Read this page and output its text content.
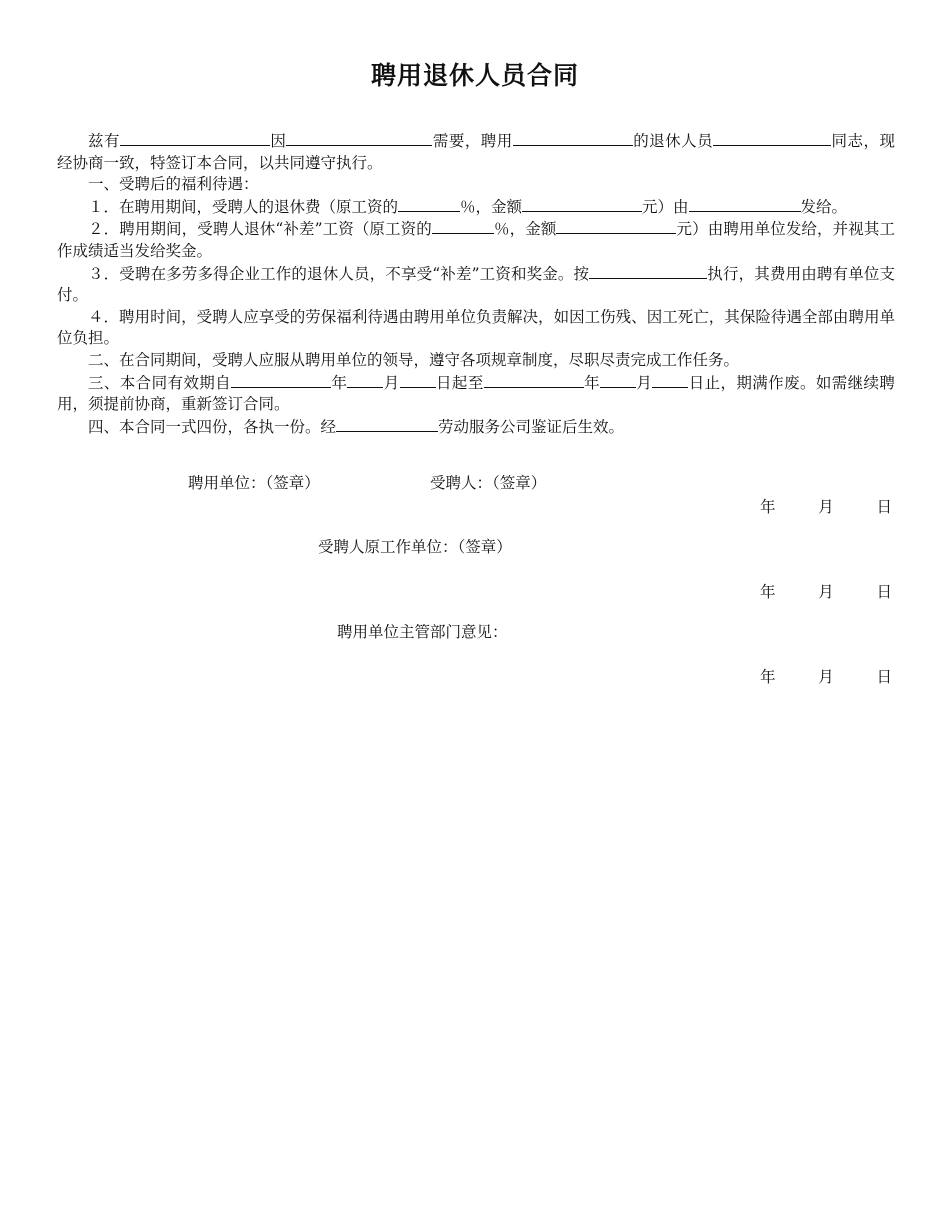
聘用退休人员合同

兹有	因	需要，聘用	的退休人员	同志，现经协商一致，特签订本合同，以共同遵守执行。

一、受聘后的福利待遇：

１．在聘用期间，受聘人的退休费（原工资的	％，金额	元）由	发给。

２．聘用期间，受聘人退休“补差”工资（原工资的	％，金额	元）由聘用单位发给，并视其工作成绩适当发给奖金。

３．受聘在多劳多得企业工作的退休人员，不享受“补差”工资和奖金。按	执行，其费用由聘有单位支付。

４．聘用时间，受聘人应享受的劳保福利待遇由聘用单位负责解决，如因工伤残、因工死亡，其保险待遇全部由聘用单位负担。

二、在合同期间，受聘人应服从聘用单位的领导，遵守各项规章制度，尽职尽责完成工作任务。

三、本合同有效期自	年 月 日起至	年 月 日止，期满作废。如需继续聘用，须提前协商，重新签订合同。

四、本合同一式四份，各执一份。经	劳动服务公司鉴证后生效。

聘用单位：（签章）	受聘人：（签章）
年	月	日
受聘人原工作单位：（签章）
年	月	日
聘用单位主管部门意见：
年	月	日
